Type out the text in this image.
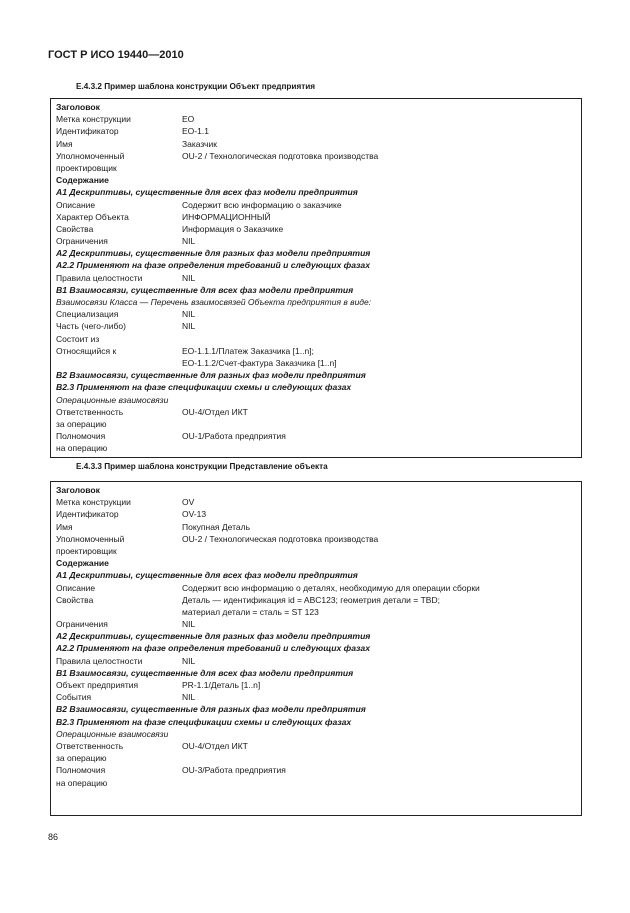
ГОСТ Р ИСО 19440—2010
Е.4.3.2 Пример шаблона конструкции Объект предприятия
Заголовок
Метка конструкции	EO
Идентификатор	EO-1.1
Имя	Заказчик
Уполномоченный	OU-2 / Технологическая подготовка производства
проектировщик
Содержание
А1 Дескриптивы, существенные для всех фаз модели предприятия
Описание	Содержит всю информацию о заказчике
Характер Объекта	ИНФОРМАЦИОННЫЙ
Свойства	Информация о Заказчике
Ограничения	NIL
А2 Дескриптивы, существенные для разных фаз модели предприятия
А2.2 Применяют на фазе определения требований и следующих фазах
Правила целостности	NIL
В1 Взаимосвязи, существенные для всех фаз модели предприятия
Взаимосвязи Класса — Перечень взаимосвязей Объекта предприятия в виде:
Специализация	NIL
Часть (чего-либо)	NIL
Состоит из
Относящийся к	EO-1.1.1/Платеж Заказчика [1..n];
EO-1.1.2/Счет-фактура Заказчика [1..n]
В2 Взаимосвязи, существенные для разных фаз модели предприятия
В2.3 Применяют на фазе спецификации схемы и следующих фазах
Операционные взаимосвязи
Ответственность	OU-4/Отдел ИКТ
за операцию
Полномочия	OU-1/Работа предприятия
на операцию
Е.4.3.3 Пример шаблона конструкции Представление объекта
Заголовок
Метка конструкции	OV
Идентификатор	OV-13
Имя	Покупная Деталь
Уполномоченный	OU-2 / Технологическая подготовка производства
проектировщик
Содержание
А1 Дескриптивы, существенные для всех фаз модели предприятия
Описание	Содержит всю информацию о деталях, необходимую для операции сборки
Свойства	Деталь — идентификация id = ABC123; геометрия детали = TBD;
материал детали = сталь = ST 123
Ограничения	NIL
А2 Дескриптивы, существенные для разных фаз модели предприятия
А2.2 Применяют на фазе определения требований и следующих фазах
Правила целостности	NIL
В1 Взаимосвязи, существенные для всех фаз модели предприятия
Объект предприятия	PR-1.1/Деталь [1..n]
События	NIL
В2 Взаимосвязи, существенные для разных фаз модели предприятия
В2.3 Применяют на фазе спецификации схемы и следующих фазах
Операционные взаимосвязи
Ответственность	OU-4/Отдел ИКТ
за операцию
Полномочия	OU-3/Работа предприятия
на операцию
86
